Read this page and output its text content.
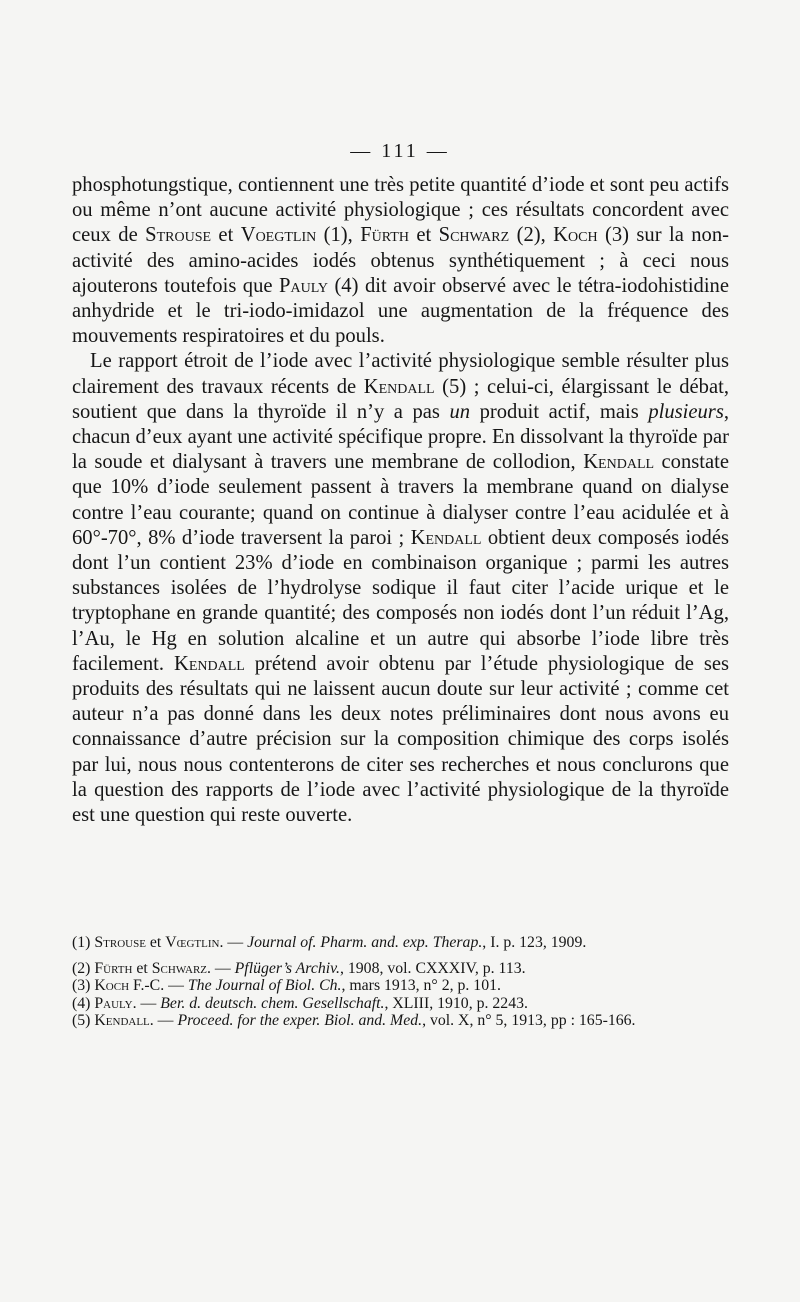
— 111 —

phosphotungstique, contiennent une très petite quantité d’iode et sont peu actifs ou même n’ont aucune activité physiologique ; ces résultats concordent avec ceux de Strouse et Voegtlin (1), Fürth et Schwarz (2), Koch (3) sur la non-activité des amino-acides iodés obtenus synthétiquement ; à ceci nous ajouterons toutefois que Pauly (4) dit avoir observé avec le tétra-iodohistidine anhydride et le tri-iodo-imidazol une augmentation de la fréquence des mouvements respiratoires et du pouls.

Le rapport étroit de l’iode avec l’activité physiologique semble résulter plus clairement des travaux récents de Kendall (5) ; celui-ci, élargissant le débat, soutient que dans la thyroïde il n’y a pas un produit actif, mais plusieurs, chacun d’eux ayant une activité spécifique propre. En dissolvant la thyroïde par la soude et dialysant à travers une membrane de collodion, Kendall constate que 10% d’iode seulement passent à travers la membrane quand on dialyse contre l’eau courante; quand on continue à dialyser contre l’eau acidulée et à 60°-70°, 8% d’iode traversent la paroi ; Kendall obtient deux composés iodés dont l’un contient 23% d’iode en combinaison organique ; parmi les autres substances isolées de l’hydrolyse sodique il faut citer l’acide urique et le tryptophane en grande quantité; des composés non iodés dont l’un réduit l’Ag, l’Au, le Hg en solution alcaline et un autre qui absorbe l’iode libre très facilement. Kendall prétend avoir obtenu par l’étude physiologique de ses produits des résultats qui ne laissent aucun doute sur leur activité ; comme cet auteur n’a pas donné dans les deux notes préliminaires dont nous avons eu connaissance d’autre précision sur la composition chimique des corps isolés par lui, nous nous contenterons de citer ses recherches et nous conclurons que la question des rapports de l’iode avec l’activité physiologique de la thyroïde est une question qui reste ouverte.

(1) Strouse et Vœgtlin. — Journal of. Pharm. and. exp. Therap., I. p. 123, 1909.

(2) Fürth et Schwarz. — Pflüger’s Archiv., 1908, vol. CXXXIV, p. 113.

(3) Koch F.-C. — The Journal of Biol. Ch., mars 1913, n° 2, p. 101.

(4) Pauly. — Ber. d. deutsch. chem. Gesellschaft., XLIII, 1910, p. 2243.

(5) Kendall. — Proceed. for the exper. Biol. and. Med., vol. X, n° 5, 1913, pp : 165-166.
